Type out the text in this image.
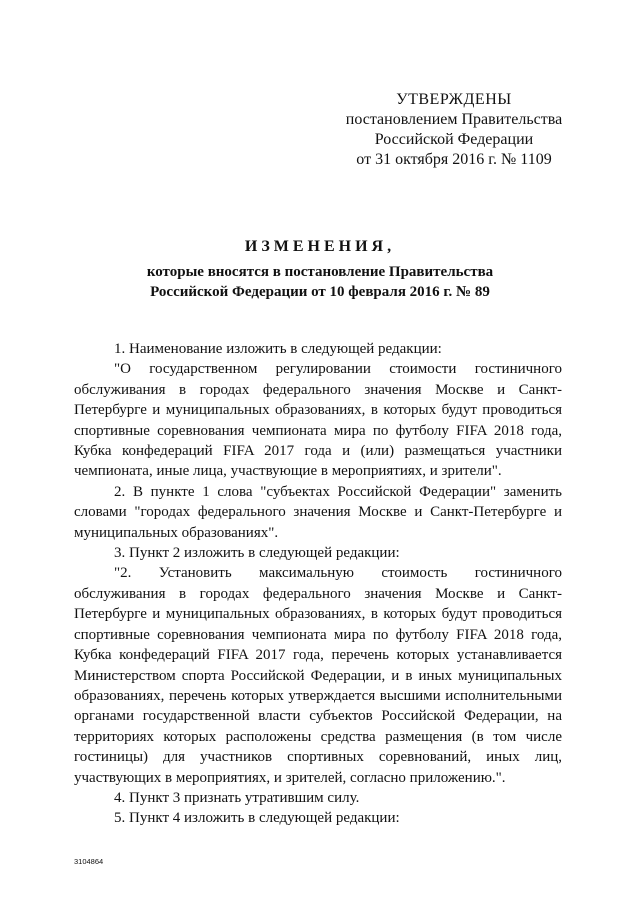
УТВЕРЖДЕНЫ
постановлением Правительства
Российской Федерации
от 31 октября 2016 г. № 1109
ИЗМЕНЕНИЯ,
которые вносятся в постановление Правительства
Российской Федерации от 10 февраля 2016 г. № 89

1. Наименование изложить в следующей редакции:

"О государственном регулировании стоимости гостиничного обслуживания в городах федерального значения Москве и Санкт-Петербурге и муниципальных образованиях, в которых будут проводиться спортивные соревнования чемпионата мира по футболу FIFA 2018 года, Кубка конфедераций FIFA 2017 года и (или) размещаться участники чемпионата, иные лица, участвующие в мероприятиях, и зрители".

2. В пункте 1 слова "субъектах Российской Федерации" заменить словами "городах федерального значения Москве и Санкт-Петербурге и муниципальных образованиях".

3. Пункт 2 изложить в следующей редакции:

"2. Установить максимальную стоимость гостиничного обслуживания в городах федерального значения Москве и Санкт-Петербурге и муниципальных образованиях, в которых будут проводиться спортивные соревнования чемпионата мира по футболу FIFA 2018 года, Кубка конфедераций FIFA 2017 года, перечень которых устанавливается Министерством спорта Российской Федерации, и в иных муниципальных образованиях, перечень которых утверждается высшими исполнительными органами государственной власти субъектов Российской Федерации, на территориях которых расположены средства размещения (в том числе гостиницы) для участников спортивных соревнований, иных лиц, участвующих в мероприятиях, и зрителей, согласно приложению.".

4. Пункт 3 признать утратившим силу.

5. Пункт 4 изложить в следующей редакции:

3104864
